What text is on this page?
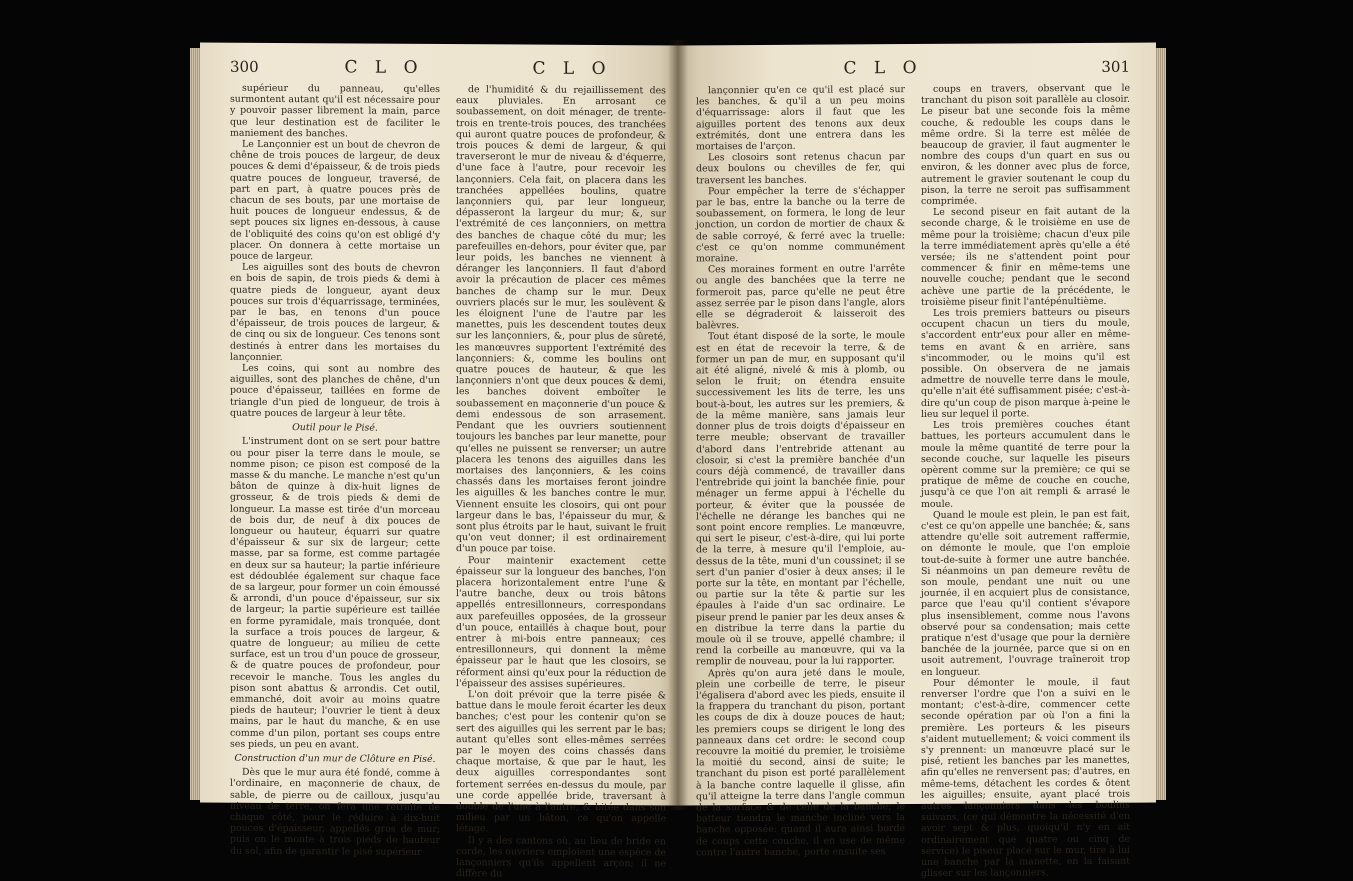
300	C L O	C L O

supérieur du panneau, qu'elles surmontent autant qu'il est nécessaire pour y pouvoir passer librement la main, parce que leur destination est de faciliter le maniement des banches.

Le Lançonnier est un bout de chevron de chêne de trois pouces de largeur, de deux pouces & demi d'épaisseur, & de trois pieds quatre pouces de longueur, traversé, de part en part, à quatre pouces près de chacun de ses bouts, par une mortaise de huit pouces de longueur endessus, & de sept pouces six lignes en-dessous, à cause de l'obliquité des coins qu'on est obligé d'y placer. On donnera à cette mortaise un pouce de largeur.

Les aiguilles sont des bouts de chevron en bois de sapin, de trois pieds & demi à quatre pieds de longueur, ayant deux pouces sur trois d'équarrissage, terminées, par le bas, en tenons d'un pouce d'épaisseur, de trois pouces de largeur, & de cinq ou six de longueur. Ces tenons sont destinés à entrer dans les mortaises du lançonnier.

Les coins, qui sont au nombre des aiguilles, sont des planches de chêne, d'un pouce d'épaisseur, taillées en forme de triangle d'un pied de longueur, de trois à quatre pouces de largeur à leur tête.

Outil pour le Pisé.

L'instrument dont on se sert pour battre ou pour piser la terre dans le moule, se nomme pison; ce pison est composé de la masse & du manche. Le manche n'est qu'un bâton de quinze à dix-huit lignes de grosseur, & de trois pieds & demi de longueur. La masse est tirée d'un morceau de bois dur, de neuf à dix pouces de longueur ou hauteur, équarri sur quatre d'épaisseur & sur six de largeur; cette masse, par sa forme, est comme partagée en deux sur sa hauteur; la partie inférieure est dédoublée également sur chaque face de sa largeur, pour former un coin émoussé & arrondi, d'un pouce d'épaisseur, sur six de largeur; la partie supérieure est taillée en forme pyramidale, mais tronquée, dont la surface a trois pouces de largeur, & quatre de longueur; au milieu de cette surface, est un trou d'un pouce de grosseur, & de quatre pouces de profondeur, pour recevoir le manche. Tous les angles du pison sont abattus & arrondis. Cet outil, emmanché, doit avoir au moins quatre pieds de hauteur; l'ouvrier le tient à deux mains, par le haut du manche, & en use comme d'un pilon, portant ses coups entre ses pieds, un peu en avant.

Construction d'un mur de Clôture en Pisé.

Dès que le mur aura été fondé, comme à l'ordinaire, en maçonnerie de chaux, de sable, de pierre ou de cailloux, jusqu'au niveau de terre, on fera une retraite de chaque côté, pour le réduire à dix-huit pouces d'épaisseur, appellés gros de mur; puis on le monte à trois pieds de hauteur du sol, afin de garantir le pisé supérieur

de l'humidité & du rejaillissement des eaux pluviales. En arrosant ce soubassement, on doit ménager, de trente-trois en trente-trois pouces, des tranchées qui auront quatre pouces de profondeur, & trois pouces & demi de largeur, & qui traverseront le mur de niveau & d'équerre, d'une face à l'autre, pour recevoir les lançonniers. Cela fait, on placera dans les tranchées appellées boulins, quatre lançonniers qui, par leur longueur, dépasseront la largeur du mur; &, sur l'extrémité de ces lançonniers, on mettra des banches de chaque côté du mur; les parefeuilles en-dehors, pour éviter que, par leur poids, les banches ne viennent à déranger les lançonniers. Il faut d'abord avoir la précaution de placer ces mêmes banches de champ sur le mur. Deux ouvriers placés sur le mur, les soulèvent & les éloignent l'une de l'autre par les manettes, puis les descendent toutes deux sur les lançonniers, &, pour plus de sûreté, les manœuvres supportent l'extrémité des lançonniers: &, comme les boulins ont quatre pouces de hauteur, & que les lançonniers n'ont que deux pouces & demi, les banches doivent emboîter le soubassement en maçonnerie d'un pouce & demi endessous de son arrasement. Pendant que les ouvriers soutiennent toujours les banches par leur manette, pour qu'elles ne puissent se renverser; un autre placera les tenons des aiguilles dans les mortaises des lançonniers, & les coins chassés dans les mortaises feront joindre les aiguilles & les banches contre le mur. Viennent ensuite les closoirs, qui ont pour largeur dans le bas, l'épaisseur du mur, & sont plus étroits par le haut, suivant le fruit qu'on veut donner; il est ordinairement d'un pouce par toise.

Pour maintenir exactement cette épaisseur sur la longueur des banches, l'on placera horizontalement entre l'une & l'autre banche, deux ou trois bâtons appellés entresillonneurs, correspondans aux parefeuilles opposées, de la grosseur d'un pouce, entaillés à chaque bout, pour entrer à mi-bois entre panneaux; ces entresillonneurs, qui donnent la même épaisseur par le haut que les closoirs, se réforment ainsi qu'eux pour la réduction de l'épaisseur des assises supérieures.

L'on doit prévoir que la terre pisée & battue dans le moule feroit écarter les deux banches; c'est pour les contenir qu'on se sert des aiguilles qui les serrent par le bas; autant qu'elles sont elles-mêmes serrées par le moyen des coins chassés dans chaque mortaise, & que par le haut, les deux aiguilles correspondantes sont fortement serrées en-dessus du moule, par une corde appellée bride, traversant à double de l'une à l'autre, & bitée dans son milieu par un bâton, ce qu'on appelle létage.

Il y a des cantons où, au lieu de bride en corde, les ouvriers emploient une espèce de lançonniers qu'ils appellent arçon; il ne diffère du

C L O	301

lançonnier qu'en ce qu'il est placé sur les banches, & qu'il a un peu moins d'équarrissage: alors il faut que les aiguilles portent des tenons aux deux extrémités, dont une entrera dans les mortaises de l'arçon.

Les closoirs sont retenus chacun par deux boulons ou chevilles de fer, qui traversent les banches.

Pour empêcher la terre de s'échapper par le bas, entre la banche ou la terre de soubassement, on formera, le long de leur jonction, un cordon de mortier de chaux & de sable corroyé, & ferré avec la truelle: c'est ce qu'on nomme communément moraine.

Ces moraines forment en outre l'arrête ou angle des banchées que la terre ne formeroit pas, parce qu'elle ne peut être assez serrée par le pison dans l'angle, alors elle se dégraderoit & laisseroit des balèvres.

Tout étant disposé de la sorte, le moule est en état de recevoir la terre, & de former un pan de mur, en supposant qu'il ait été aligné, nivelé & mis à plomb, ou selon le fruit; on étendra ensuite successivement les lits de terre, les uns bout-à-bout, les autres sur les premiers, & de la même manière, sans jamais leur donner plus de trois doigts d'épaisseur en terre meuble; observant de travailler d'abord dans l'entrebride attenant au closoir, si c'est la première banchée d'un cours déjà commencé, de travailler dans l'entrebride qui joint la banchée finie, pour ménager un ferme appui à l'échelle du porteur, & éviter que la poussée de l'échelle ne dérange les banches qui ne sont point encore remplies. Le manœuvre, qui sert le piseur, c'est-à-dire, qui lui porte de la terre, à mesure qu'il l'emploie, au-dessus de la tête, muni d'un coussinet; il se sert d'un panier d'osier à deux anses; il le porte sur la tête, en montant par l'échelle, ou partie sur la tête & partie sur les épaules à l'aide d'un sac ordinaire. Le piseur prend le panier par les deux anses & en distribue la terre dans la partie du moule où il se trouve, appellé chambre; il rend la corbeille au manœuvre, qui va la remplir de nouveau, pour la lui rapporter.

Après qu'on aura jeté dans le moule, plein une corbeille de terre, le piseur l'égalisera d'abord avec les pieds, ensuite il la frappera du tranchant du pison, portant les coups de dix à douze pouces de haut; les premiers coups se dirigent le long des panneaux dans cet ordre: le second coup recouvre la moitié du premier, le troisième la moitié du second, ainsi de suite; le tranchant du pison est porté parallèlement à la banche contre laquelle il glisse, afin qu'il atteigne la terre dans l'angle commun de la surface & de celle de la banche; le batteur tiendra le manche incliné vers la banche opposée: quand il aura ainsi bordé de coups cette couche, il en use de même contre l'autre banche, porte ensuite ses

coups en travers, observant que le tranchant du pison soit parallèle au closoir. Le piseur bat une seconde fois la même couche, & redouble les coups dans le même ordre. Si la terre est mêlée de beaucoup de gravier, il faut augmenter le nombre des coups d'un quart en sus ou environ, & les donner avec plus de force, autrement le gravier soutenant le coup du pison, la terre ne seroit pas suffisamment comprimée.

Le second piseur en fait autant de la seconde charge, & le troisième en use de même pour la troisième; chacun d'eux pile la terre immédiatement après qu'elle a été versée; ils ne s'attendent point pour commencer & finir en même-tems une nouvelle couche; pendant que le second achève une partie de la précédente, le troisième piseur finit l'antépénultième.

Les trois premiers batteurs ou piseurs occupent chacun un tiers du moule, s'accordent entr'eux pour aller en même-tems en avant & en arrière, sans s'incommoder, ou le moins qu'il est possible. On observera de ne jamais admettre de nouvelle terre dans le moule, qu'elle n'ait été suffisamment pisée; c'est-à-dire qu'un coup de pison marque à-peine le lieu sur lequel il porte.

Les trois premières couches étant battues, les porteurs accumulent dans le moule la même quantité de terre pour la seconde couche, sur laquelle les piseurs opèrent comme sur la première; ce qui se pratique de même de couche en couche, jusqu'à ce que l'on ait rempli & arrasé le moule.

Quand le moule est plein, le pan est fait, c'est ce qu'on appelle une banchée; &, sans attendre qu'elle soit autrement raffermie, on démonte le moule, que l'on emploie tout-de-suite à former une autre banchée. Si néanmoins un pan demeure revêtu de son moule, pendant une nuit ou une journée, il en acquiert plus de consistance, parce que l'eau qu'il contient s'évapore plus insensiblement, comme nous l'avons observé pour sa condensation; mais cette pratique n'est d'usage que pour la dernière banchée de la journée, parce que si on en usoit autrement, l'ouvrage traîneroit trop en longueur.

Pour démonter le moule, il faut renverser l'ordre que l'on a suivi en le montant; c'est-à-dire, commencer cette seconde opération par où l'on a fini la première. Les porteurs & les piseurs s'aident mutuellement; & voici comment ils s'y prennent: un manœuvre placé sur le pisé, retient les banches par les manettes, afin qu'elles ne renversent pas; d'autres, en même-tems, détachent les cordes & ôtent les aiguilles; ensuite, ayant placé trois autres lançonniers dans les boulins suivans, (ce qui démontre la nécessité d'en avoir sept & plus, quoiqu'il n'y en ait ordinairement que quatre ou cinq de service) le piseur placé sur le mur, tire à lui une banche par la manette, en la faisant glisser sur les lançonniers,
